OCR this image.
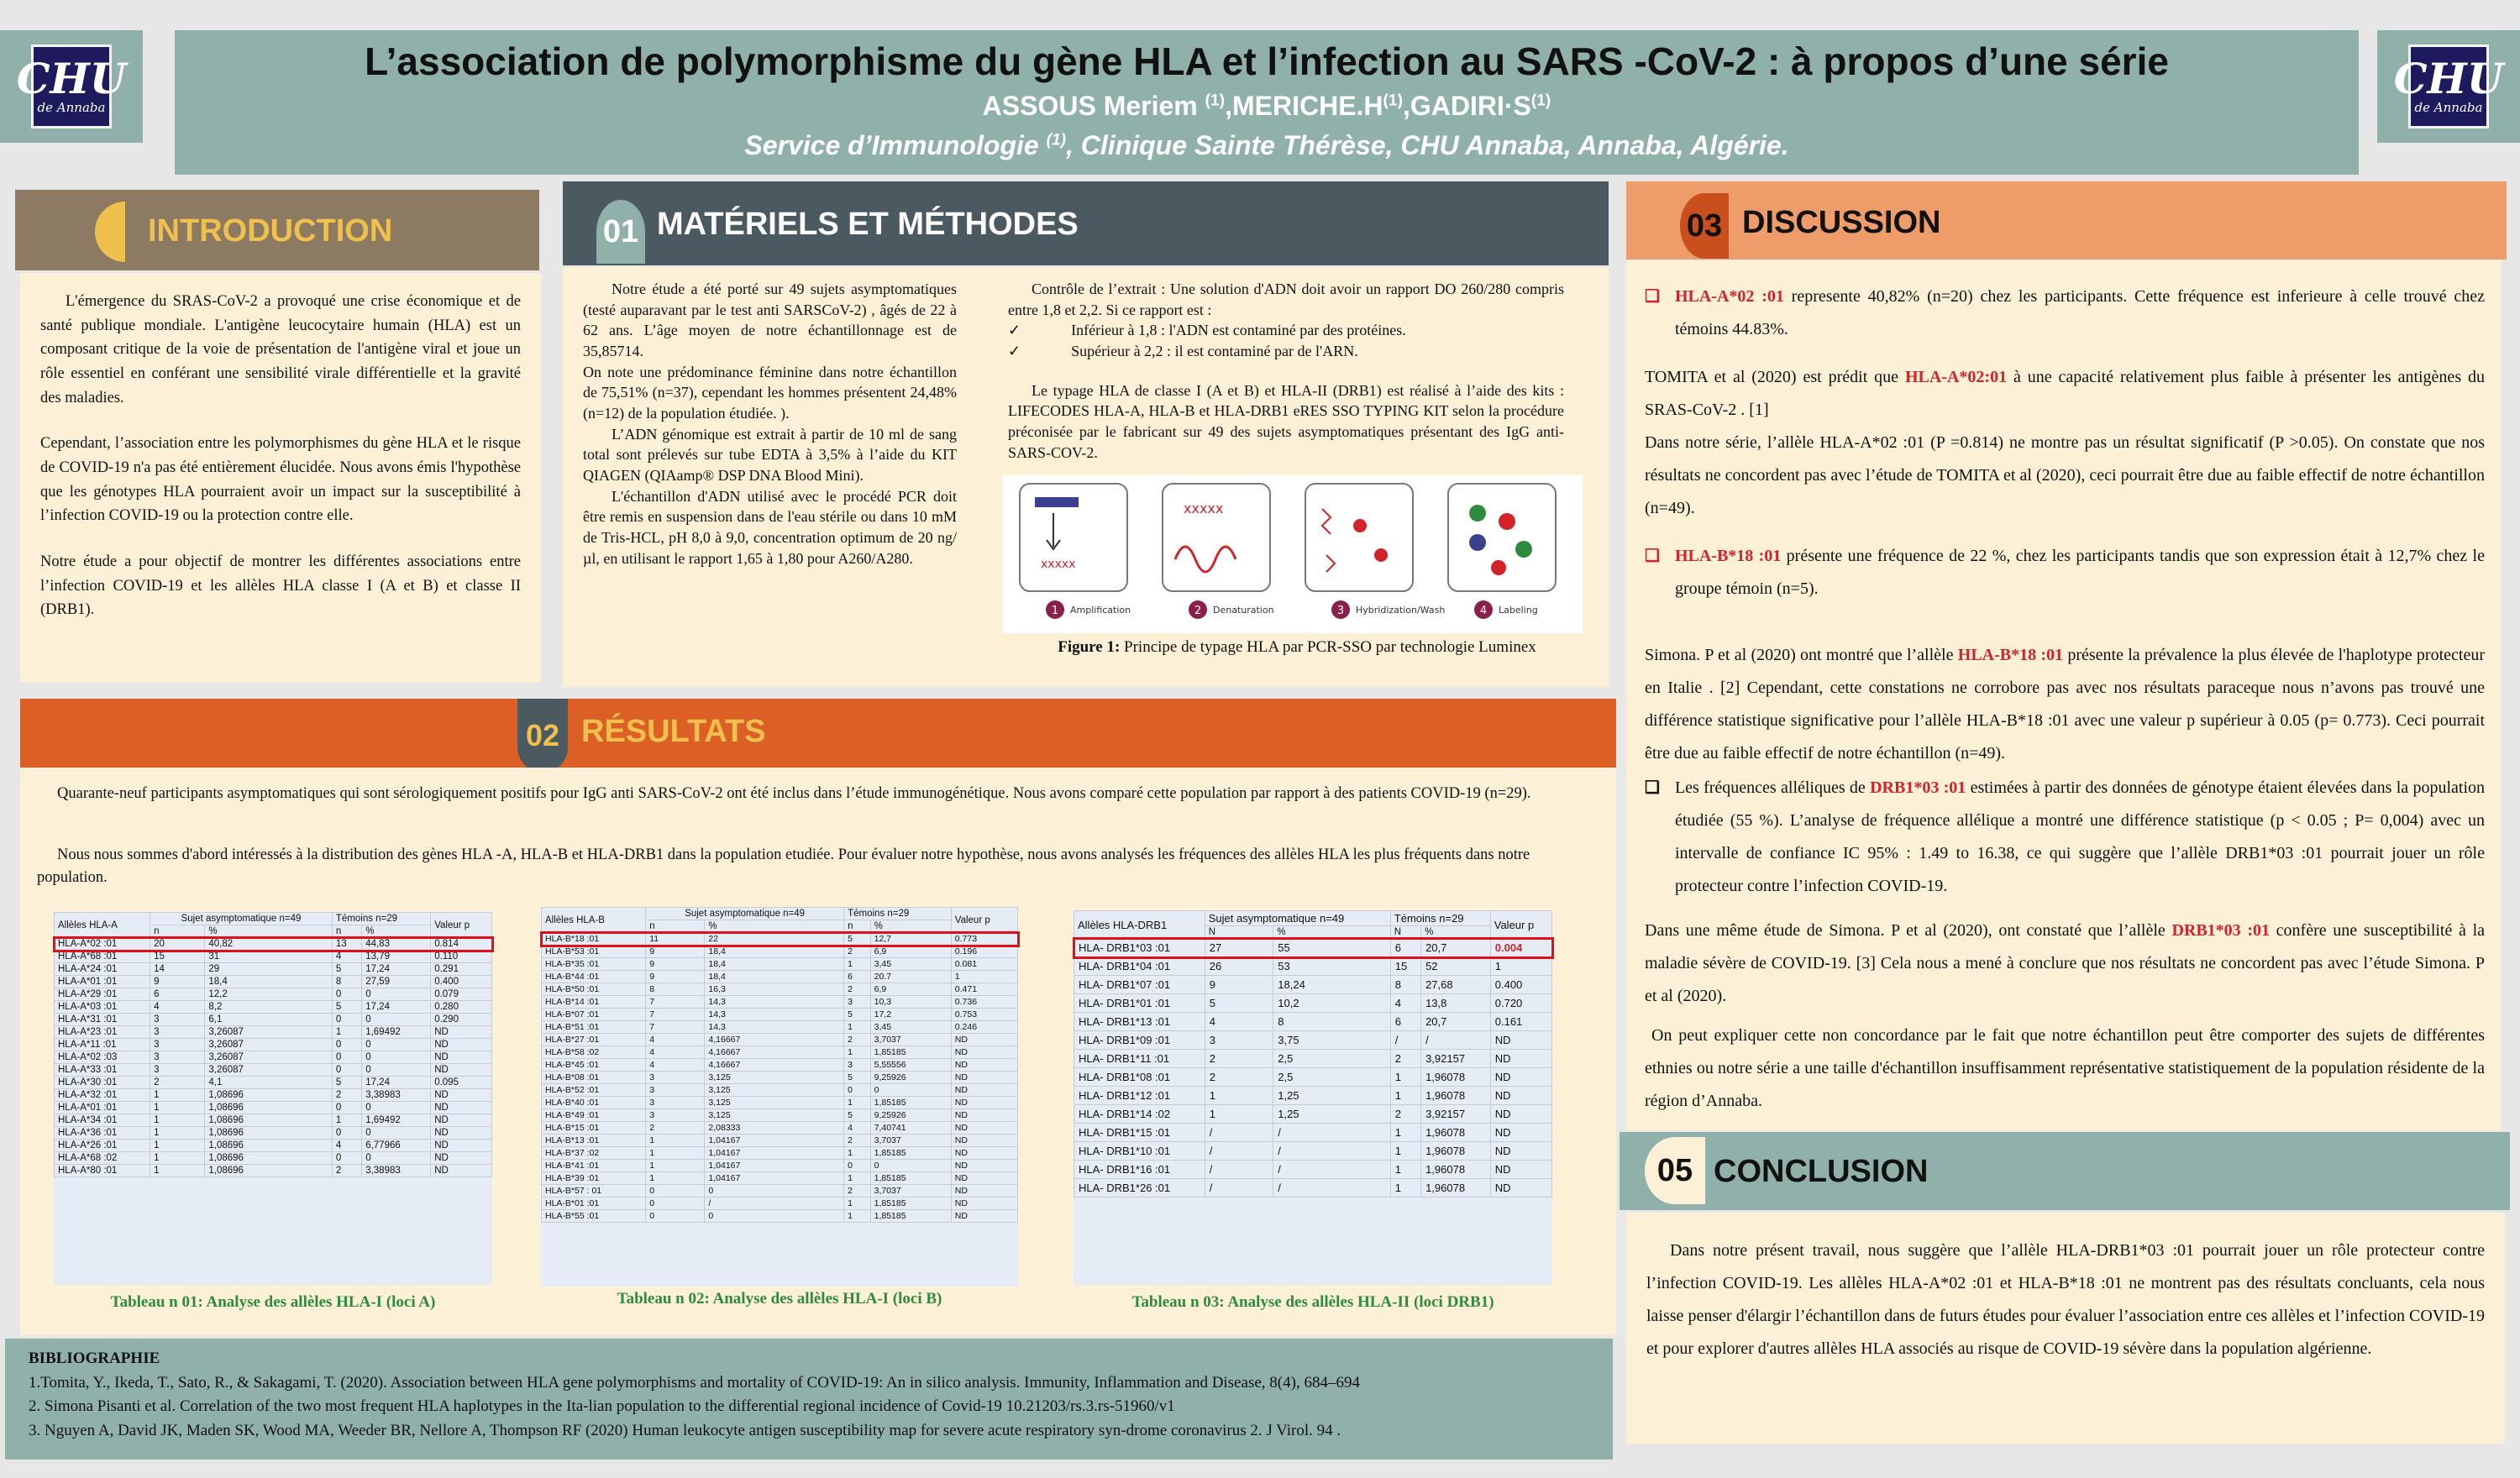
CHU
de Annaba
CHU
de Annaba
L’association de polymorphisme du gène HLA et l’infection au SARS -CoV-2 : à propos d’une série
ASSOUS Meriem $^{(1)},MERICHE.H^{(1)},GADIRI\cdot S^{(1)}$
Service d’Immunologie $^{(1)}$, Clinique Sainte Thérèse, CHU Annaba, Annaba, Algérie.
INTRODUCTION

L'émergence du SRAS-CoV-2 a provoqué une crise économique et de santé publique mondiale. L'antigène leucocytaire humain (HLA) est un composant critique de la voie de présentation de l'antigène viral et joue un rôle essentiel en conférant une sensibilité virale différentielle et la gravité des maladies.

Cependant, l’association entre les polymorphismes du gène HLA et le risque de COVID-19 n'a pas été entièrement élucidée. Nous avons émis l'hypothèse que les génotypes HLA pourraient avoir un impact sur la susceptibilité à l’infection COVID-19 ou la protection contre elle.

Notre étude a pour objectif de montrer les différentes associations entre l’infection COVID-19 et les allèles HLA classe I (A et B) et classe II (DRB1).

01 MATÉRIELS ET MÉTHODES
Notre étude a été porté sur 49 sujets asymptomatiques (testé auparavant par le test anti SARSCoV-2) , âgés de 22 à 62 ans. L’âge moyen de notre échantillonnage est de 35,85714.
On note une prédominance féminine dans notre échantillon de 75,51% (n=37), cependant les hommes présentent 24,48% (n=12) de la population étudiée. ).
L’ADN génomique est extrait à partir de 10 ml de sang total sont prélevés sur tube EDTA à 3,5% à l’aide du KIT QIAGEN (QIAamp® DSP DNA Blood Mini).
L'échantillon d'ADN utilisé avec le procédé PCR doit être remis en suspension dans de l'eau stérile ou dans 10 mM de Tris-HCL, pH 8,0 à 9,0, concentration optimum de 20 ng/µl, en utilisant le rapport 1,65 à 1,80 pour A260/A280.
Contrôle de l’extrait : Une solution d'ADN doit avoir un rapport DO 260/280 compris entre 1,8 et 2,2. Si ce rapport est :
✓	Inférieur à 1,8 : l'ADN est contaminé par des protéines.
✓	Supérieur à 2,2 : il est contaminé par de l'ARN.
Le typage HLA de classe I (A et B) et HLA-II (DRB1) est réalisé à l’aide des kits : LIFECODES HLA-A, HLA-B et HLA-DRB1 eRES SSO TYPING KIT selon la procédure préconisée par le fabricant sur 49 des sujets asymptomatiques présentant des IgG anti-SARS-COV-2.
xxxxx
xxxxx
1	2	3	4
Amplification	Denaturation	Hybridization/Wash	Labeling
Figure 1: Principe de typage HLA par PCR-SSO par technologie Luminex
03 DISCUSSION
❑ HLA-A*02 :01 represente 40,82% (n=20) chez les participants. Cette fréquence est inferieure à celle trouvé chez témoins 44.83%.
TOMITA et al (2020) est prédit que HLA-A*02:01 à une capacité relativement plus faible à présenter les antigènes du SRAS-CoV-2 . [1]
Dans notre série, l’allèle HLA-A*02 :01 (P =0.814) ne montre pas un résultat significatif (P >0.05). On constate que nos résultats ne concordent pas avec l’étude de TOMITA et al (2020), ceci pourrait être due au faible effectif de notre échantillon (n=49).
❑ HLA-B*18 :01 présente une fréquence de 22 %, chez les participants tandis que son expression était à 12,7% chez le groupe témoin (n=5).
Simona. P et al (2020) ont montré que l’allèle HLA-B*18 :01 présente la prévalence la plus élevée de l'haplotype protecteur en Italie . [2] Cependant, cette constations ne corrobore pas avec nos résultats paraceque nous n’avons pas trouvé une différence statistique significative pour l’allèle HLA-B*18 :01 avec une valeur p supérieur à 0.05 (p= 0.773). Ceci pourrait être due au faible effectif de notre échantillon (n=49).
❑ Les fréquences alléliques de DRB1*03 :01 estimées à partir des données de génotype étaient élevées dans la population étudiée (55 %). L’analyse de fréquence allélique a montré une différence statistique (p < 0.05 ; P= 0,004) avec un intervalle de confiance IC 95% : 1.49 to 16.38, ce qui suggère que l’allèle DRB1*03 :01 pourrait jouer un rôle protecteur contre l’infection COVID-19.
Dans une même étude de Simona. P et al (2020), ont constaté que l’allèle DRB1*03 :01 confère une susceptibilité à la maladie sévère de COVID-19. [3] Cela nous a mené à conclure que nos résultats ne concordent pas avec l’étude Simona. P et al (2020).
On peut expliquer cette non concordance par le fait que notre échantillon peut être comporter des sujets de différentes ethnies ou notre série a une taille d'échantillon insuffisamment représentative statistiquement de la population résidente de la région d’Annaba.
05 CONCLUSION
Dans notre présent travail, nous suggère que l’allèle HLA-DRB1*03 :01 pourrait jouer un rôle protecteur contre l’infection COVID-19. Les allèles HLA-A*02 :01 et HLA-B*18 :01 ne montrent pas des résultats concluants, cela nous laisse penser d'élargir l’échantillon dans de futurs études pour évaluer l’association entre ces allèles et l’infection COVID-19 et pour explorer d'autres allèles HLA associés au risque de COVID-19 sévère dans la population algérienne.
02 RÉSULTATS
Quarante-neuf participants asymptomatiques qui sont sérologiquement positifs pour IgG anti SARS-CoV-2 ont été inclus dans l’étude immunogénétique. Nous avons comparé cette population par rapport à des patients COVID-19 (n=29).
Nous nous sommes d'abord intéressés à la distribution des gènes HLA -A, HLA-B et HLA-DRB1 dans la population etudiée. Pour évaluer notre hypothèse, nous avons analysés les fréquences des allèles HLA les plus fréquents dans notre population.
Allèles HLA-A	Sujet asymptomatique n=49		Témoins n=29		Valeur p
	n	%	n	%	
HLA-A*02 :01	20	40,82	13	44,83	0.814
HLA-A*68 :01	15	31	4	13,79	0.110
HLA-A*24 :01	14	29	5	17,24	0.291
HLA-A*01 :01	9	18,4	8	27,59	0.400
HLA-A*29 :01	6	12,2	0	0	0.079
HLA-A*03 :01	4	8,2	5	17,24	0.280
HLA-A*31 :01	3	6,1	0	0	0.290
HLA-A*23 :01	3	3,26087	1	1,69492	ND
HLA-A*11 :01	3	3,26087	0	0	ND
HLA-A*02 :03	3	3,26087	0	0	ND
HLA-A*33 :01	3	3,26087	0	0	ND
HLA-A*30 :01	2	4,1	5	17,24	0.095
HLA-A*32 :01	1	1,08696	2	3,38983	ND
HLA-A*01 :01	1	1,08696	0	0	ND
HLA-A*34 :01	1	1,08696	1	1,69492	ND
HLA-A*36 :01	1	1,08696	0	0	ND
HLA-A*26 :01	1	1,08696	4	6,77966	ND
HLA-A*68 :02	1	1,08696	0	0	ND
HLA-A*80 :01	1	1,08696	2	3,38983	ND
Tableau n 01: Analyse des allèles HLA-I (loci A)
Allèles HLA-B	Sujet asymptomatique n=49		Témoins n=29		Valeur p
	n	%	n	%	
HLA-B*18 :01	11	22	5	12,7	0.773
HLA-B*53 :01	9	18,4	2	6,9	0.196
HLA-B*35 :01	9	18,4	1	3,45	0.081
HLA-B*44 :01	9	18,4	6	20.7	1
HLA-B*50 :01	8	16,3	2	6,9	0.471
HLA-B*14 :01	7	14,3	3	10,3	0.736
HLA-B*07 :01	7	14,3	5	17,2	0.753
HLA-B*51 :01	7	14,3	1	3,45	0.246
HLA-B*27 :01	4	4,16667	2	3,7037	ND
HLA-B*58 :02	4	4,16667	1	1,85185	ND
HLA-B*45 :01	4	4,16667	3	5,55556	ND
HLA-B*08 :01	3	3,125	5	9,25926	ND
HLA-B*52 :01	3	3,125	0	0	ND
HLA-B*40 :01	3	3,125	1	1,85185	ND
HLA-B*49 :01	3	3,125	5	9,25926	ND
HLA-B*15 :01	2	2,08333	4	7,40741	ND
HLA-B*13 :01	1	1,04167	2	3,7037	ND
HLA-B*37 :02	1	1,04167	1	1,85185	ND
HLA-B*41 :01	1	1,04167	0	0	ND
HLA-B*39 :01	1	1,04167	1	1,85185	ND
HLA-B*57 : 01	0	0	2	3,7037	ND
HLA-B*01 :01	0	/	1	1,85185	ND
HLA-B*55 :01	0	0	1	1,85185	ND
Tableau n 02: Analyse des allèles HLA-I (loci B)
Allèles HLA-DRB1	Sujet asymptomatique n=49		Témoins n=29		Valeur p
	N	%	N	%	
HLA- DRB1*03 :01	27	55	6	20,7	0.004
HLA- DRB1*04 :01	26	53	15	52	1
HLA- DRB1*07 :01	9	18,24	8	27,68	0.400
HLA- DRB1*01 :01	5	10,2	4	13,8	0.720
HLA- DRB1*13 :01	4	8	6	20,7	0.161
HLA- DRB1*09 :01	3	3,75	/	/	ND
HLA- DRB1*11 :01	2	2,5	2	3,92157	ND
HLA- DRB1*08 :01	2	2,5	1	1,96078	ND
HLA- DRB1*12 :01	1	1,25	1	1,96078	ND
HLA- DRB1*14 :02	1	1,25	2	3,92157	ND
HLA- DRB1*15 :01	/	/	1	1,96078	ND
HLA- DRB1*10 :01	/	/	1	1,96078	ND
HLA- DRB1*16 :01	/	/	1	1,96078	ND
HLA- DRB1*26 :01	/	/	1	1,96078	ND
Tableau n 03: Analyse des allèles HLA-II (loci DRB1)
BIBLIOGRAPHIE
1.Tomita, Y., Ikeda, T., Sato, R., & Sakagami, T. (2020). Association between HLA gene polymorphisms and mortality of COVID-19: An in silico analysis. Immunity, Inflammation and Disease, 8(4), 684–694
2. Simona Pisanti et al. Correlation of the two most frequent HLA haplotypes in the Ita-lian population to the differential regional incidence of Covid-19 10.21203/rs.3.rs-51960/v1
3. Nguyen A, David JK, Maden SK, Wood MA, Weeder BR, Nellore A, Thompson RF (2020) Human leukocyte antigen susceptibility map for severe acute respiratory syn-drome coronavirus 2. J Virol. 94 .
